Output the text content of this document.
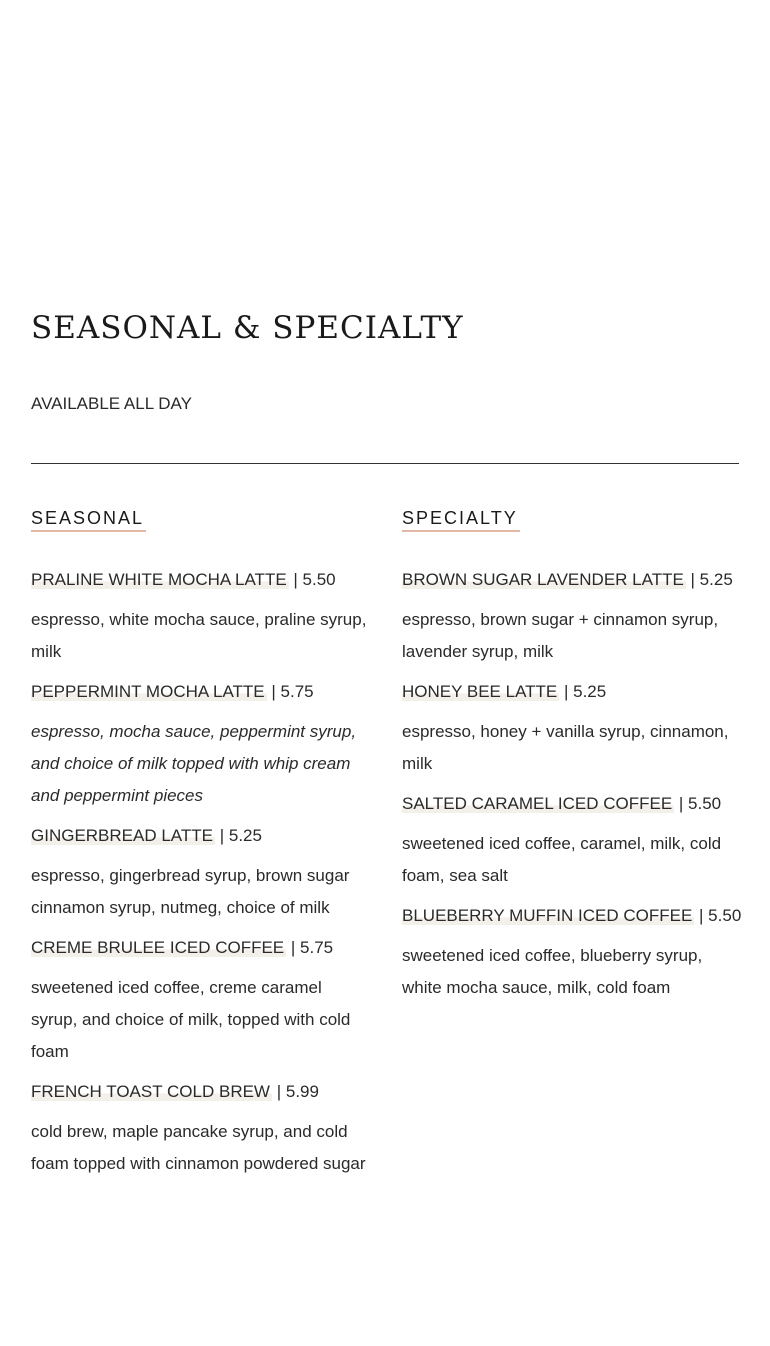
SEASONAL & SPECIALTY

AVAILABLE ALL DAY

SEASONAL
PRALINE WHITE MOCHA LATTE | 5.50
espresso, white mocha sauce, praline syrup, milk
PEPPERMINT MOCHA LATTE | 5.75
espresso, mocha sauce, peppermint syrup, and choice of milk topped with whip cream and peppermint pieces
GINGERBREAD LATTE | 5.25
espresso, gingerbread syrup, brown sugar cinnamon syrup, nutmeg, choice of milk
CREME BRULEE ICED COFFEE | 5.75
sweetened iced coffee, creme caramel syrup, and choice of milk, topped with cold foam
FRENCH TOAST COLD BREW | 5.99
cold brew, maple pancake syrup, and cold foam topped with cinnamon powdered sugar
SPECIALTY
BROWN SUGAR LAVENDER LATTE | 5.25
espresso, brown sugar + cinnamon syrup, lavender syrup, milk
HONEY BEE LATTE | 5.25
espresso, honey + vanilla syrup, cinnamon, milk
SALTED CARAMEL ICED COFFEE | 5.50
sweetened iced coffee, caramel, milk, cold foam, sea salt
BLUEBERRY MUFFIN ICED COFFEE | 5.50
sweetened iced coffee, blueberry syrup, white mocha sauce, milk, cold foam
